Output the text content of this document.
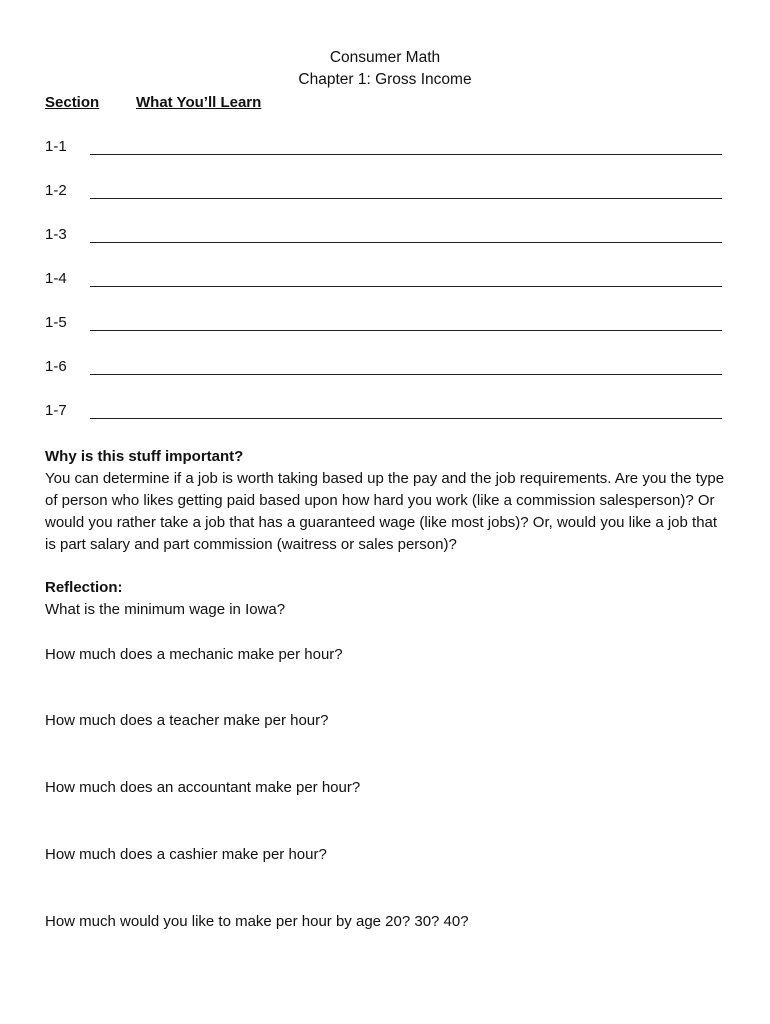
Consumer Math
Chapter 1: Gross Income
Section What You’ll Learn
1-1
1-2
1-3
1-4
1-5
1-6
1-7
Why is this stuff important?
You can determine if a job is worth taking based up the pay and the job requirements. Are you the type of person who likes getting paid based upon how hard you work (like a commission salesperson)? Or would you rather take a job that has a guaranteed wage (like most jobs)? Or, would you like a job that is part salary and part commission (waitress or sales person)?
Reflection:
What is the minimum wage in Iowa?
How much does a mechanic make per hour?
How much does a teacher make per hour?
How much does an accountant make per hour?
How much does a cashier make per hour?
How much would you like to make per hour by age 20? 30? 40?
